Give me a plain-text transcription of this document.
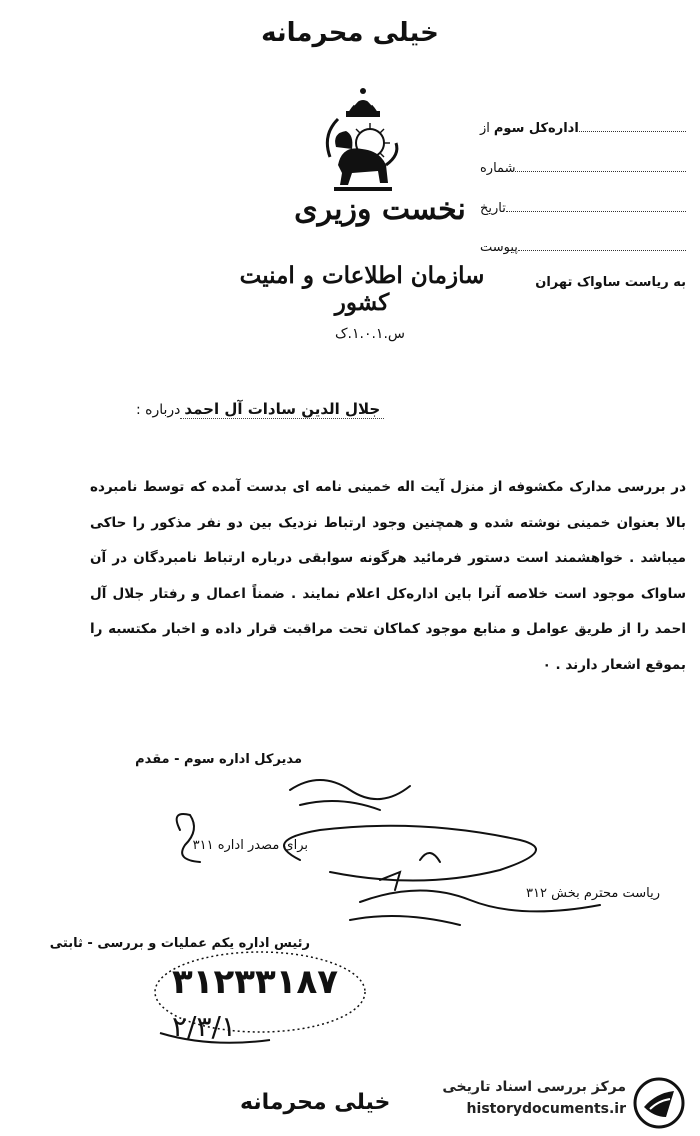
خیلی محرمانه
نخست وزیری
سازمان اطلاعات و امنیت کشور
س.۱.۰.۱.ک
از اداره‌کل سوم
شماره
تاریخ
پیوست
به ریاست ساواک تهران
درباره : جلال الدین سادات آل احمد
در بررسی مدارک مکشوفه از منزل آیت اله خمینی نامه ای بدست آمده که توسط نامبرده بالا بعنوان خمینی نوشته شده و همچنین وجود ارتباط نزدیک بین دو نفر مذکور را حاکی میباشد . خواهشمند است دستور فرمائید هرگونه سوابقی درباره ارتباط نامبردگان در آن ساواک موجود است خلاصه آنرا باین اداره‌کل اعلام نمایند . ضمناً اعمال و رفتار جلال آل احمد را از طریق عوامل و منابع موجود کماکان تحت مراقبت قرار داده و اخبار مکتسبه را بموقع اشعار دارند . ۰
مدیرکل اداره سوم - مقدم
برای مصدر اداره ۳۱۱
ریاست محترم بخش ۳۱۲
رئیس اداره یکم عملیات و بررسی - ثابتی
۳۱۲۳۳۱۸۷
۲/۳/۱
خیلی محرمانه
مرکز بررسی اسناد تاریخی
historydocuments.ir
